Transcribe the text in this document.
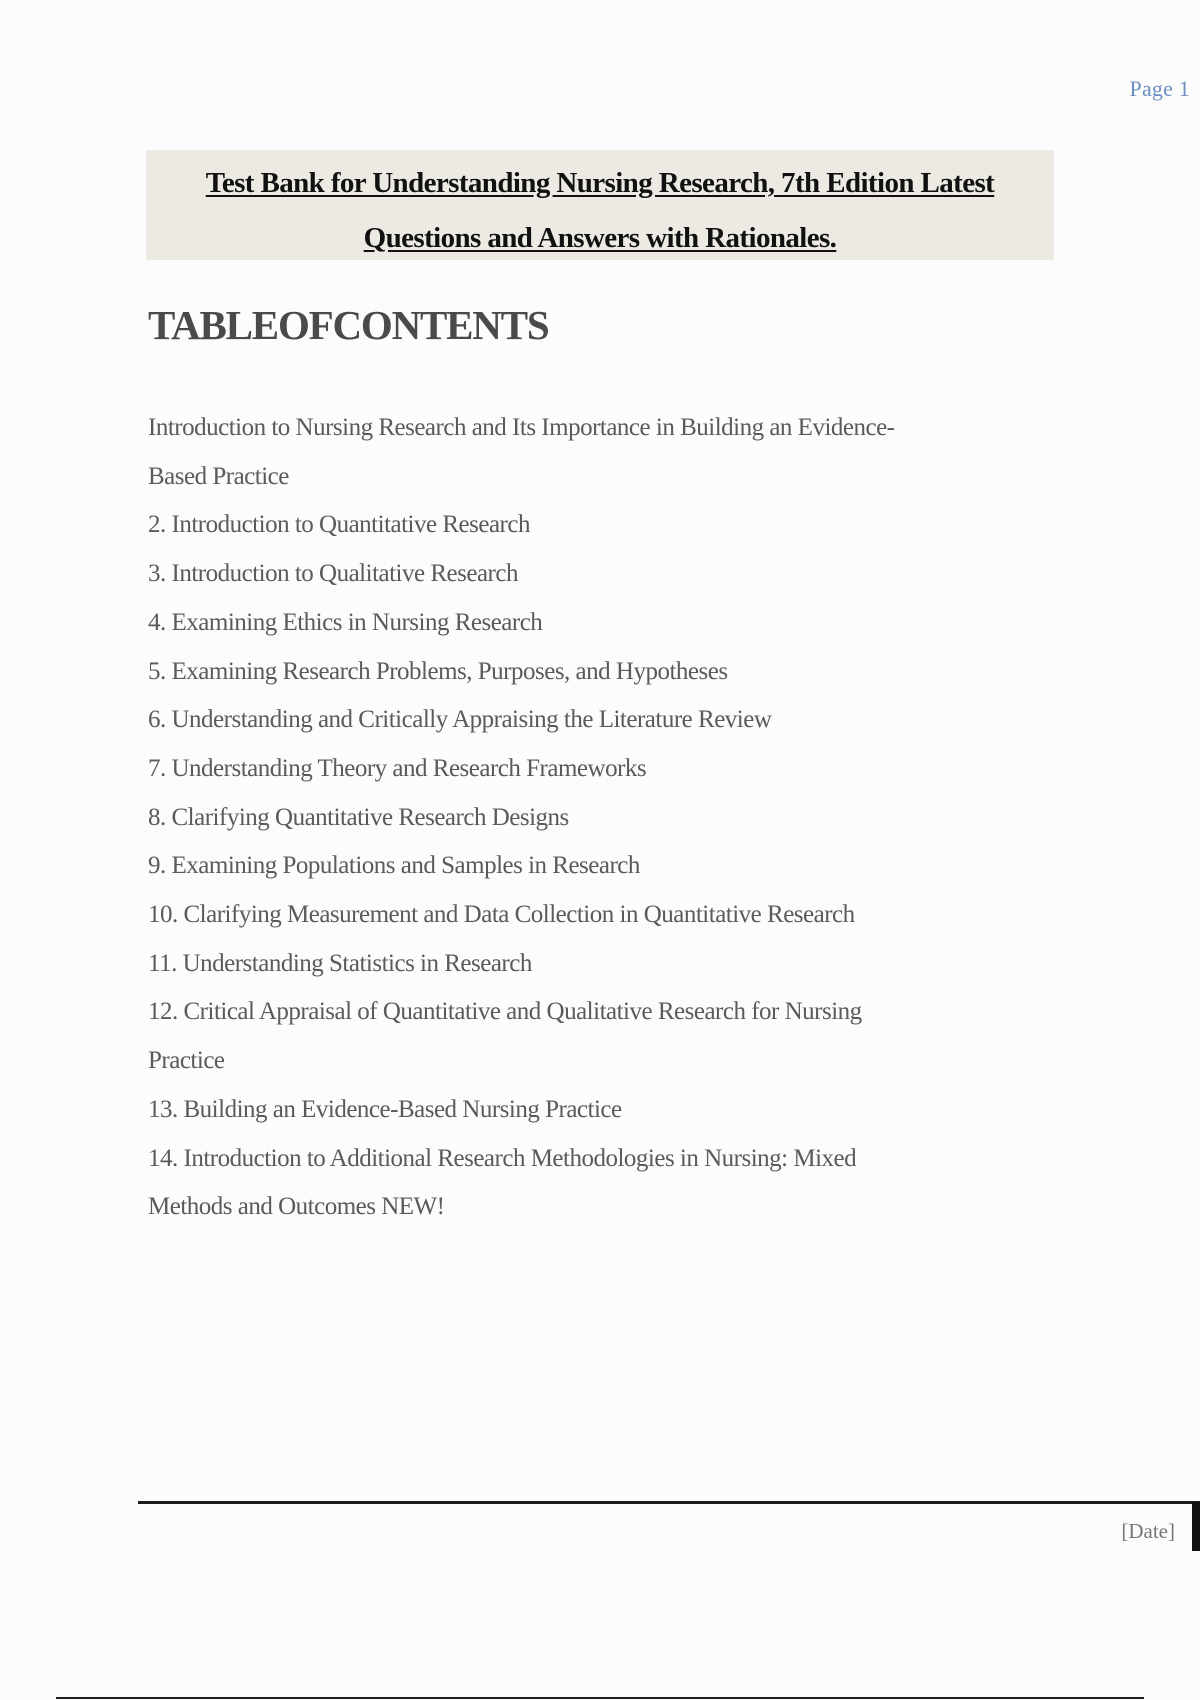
Page 1
Test Bank for Understanding Nursing Research, 7th Edition Latest
Questions and Answers with Rationales.
TABLEOFCONTENTS
Introduction to Nursing Research and Its Importance in Building an Evidence-
Based Practice
2. Introduction to Quantitative Research
3. Introduction to Qualitative Research
4. Examining Ethics in Nursing Research
5. Examining Research Problems, Purposes, and Hypotheses
6. Understanding and Critically Appraising the Literature Review
7. Understanding Theory and Research Frameworks
8. Clarifying Quantitative Research Designs
9. Examining Populations and Samples in Research
10. Clarifying Measurement and Data Collection in Quantitative Research
11. Understanding Statistics in Research
12. Critical Appraisal of Quantitative and Qualitative Research for Nursing
Practice
13. Building an Evidence-Based Nursing Practice
14. Introduction to Additional Research Methodologies in Nursing: Mixed
Methods and Outcomes NEW!
[Date]
